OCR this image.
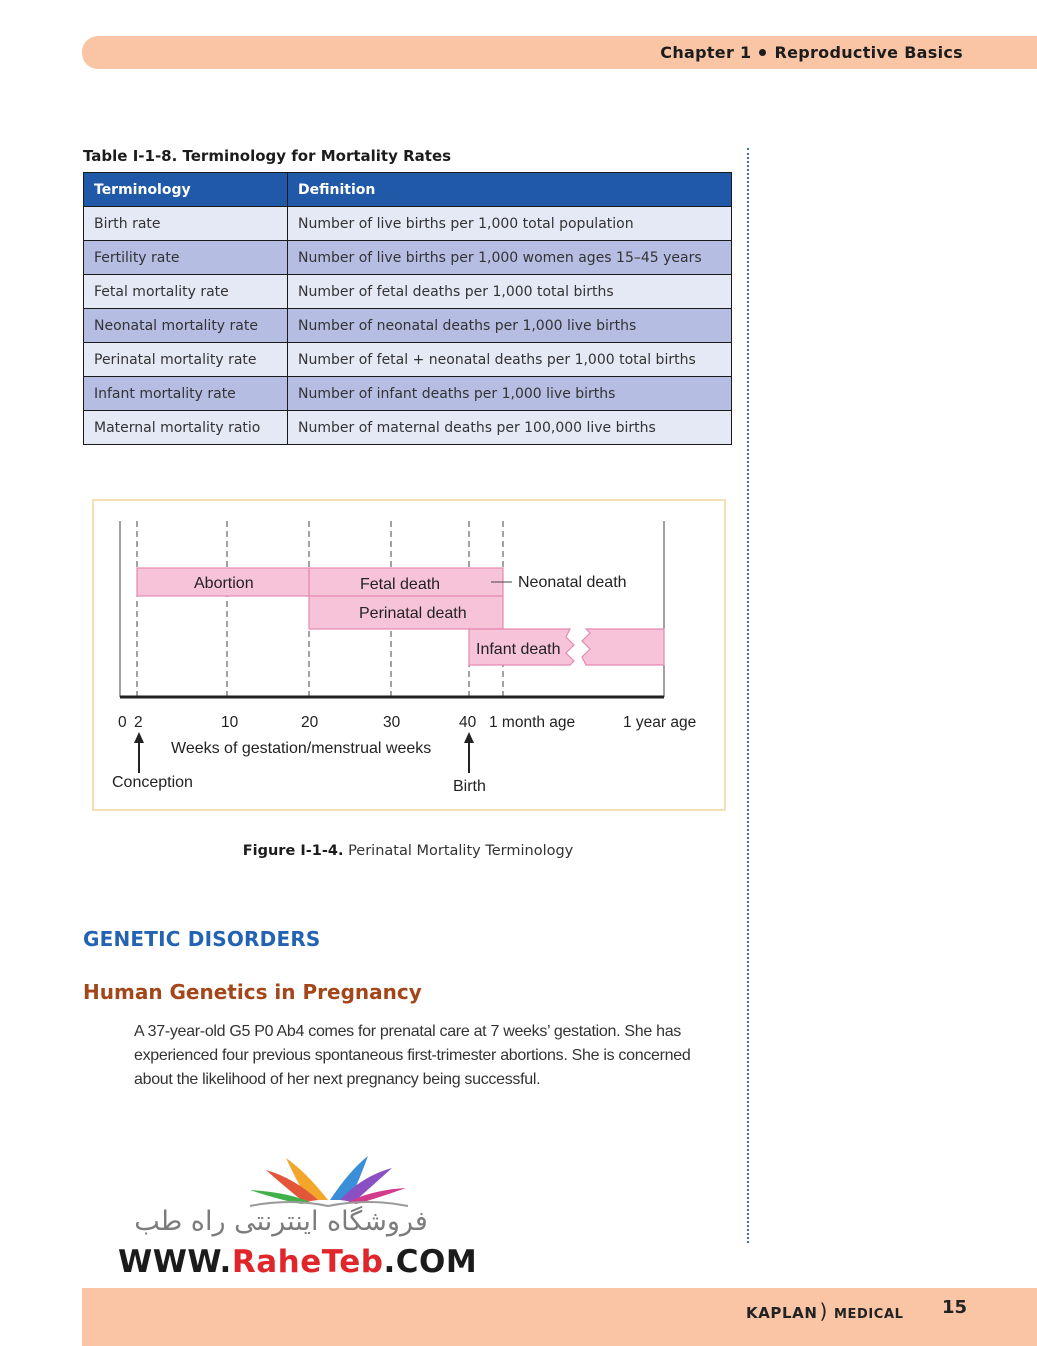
Chapter 1 Reproductive Basics
Table I-1-8. Terminology for Mortality Rates
Terminology	Definition
Birth rate	Number of live births per 1,000 total population
Fertility rate	Number of live births per 1,000 women ages 15–45 years
Fetal mortality rate	Number of fetal deaths per 1,000 total births
Neonatal mortality rate	Number of neonatal deaths per 1,000 live births
Perinatal mortality rate	Number of fetal + neonatal deaths per 1,000 total births
Infant mortality rate	Number of infant deaths per 1,000 live births
Maternal mortality ratio	Number of maternal deaths per 100,000 live births
Abortion	Fetal death	Neonatal death
Perinatal death
Infant death
0 2	10	20	30	40 1 month age	1 year age
Weeks of gestation/menstrual weeks
Conception	Birth
Figure I-1-4. Perinatal Mortality Terminology
GENETIC DISORDERS
Human Genetics in Pregnancy
A 37-year-old G5 P0 Ab4 comes for prenatal care at 7 weeks’ gestation. She has experienced four previous spontaneous first-trimester abortions. She is concerned about the likelihood of her next pregnancy being successful.
فروشگاه اینترنتی راه طب
WWW.RaheTeb.COM
KAPLAN ) MEDICAL 15
